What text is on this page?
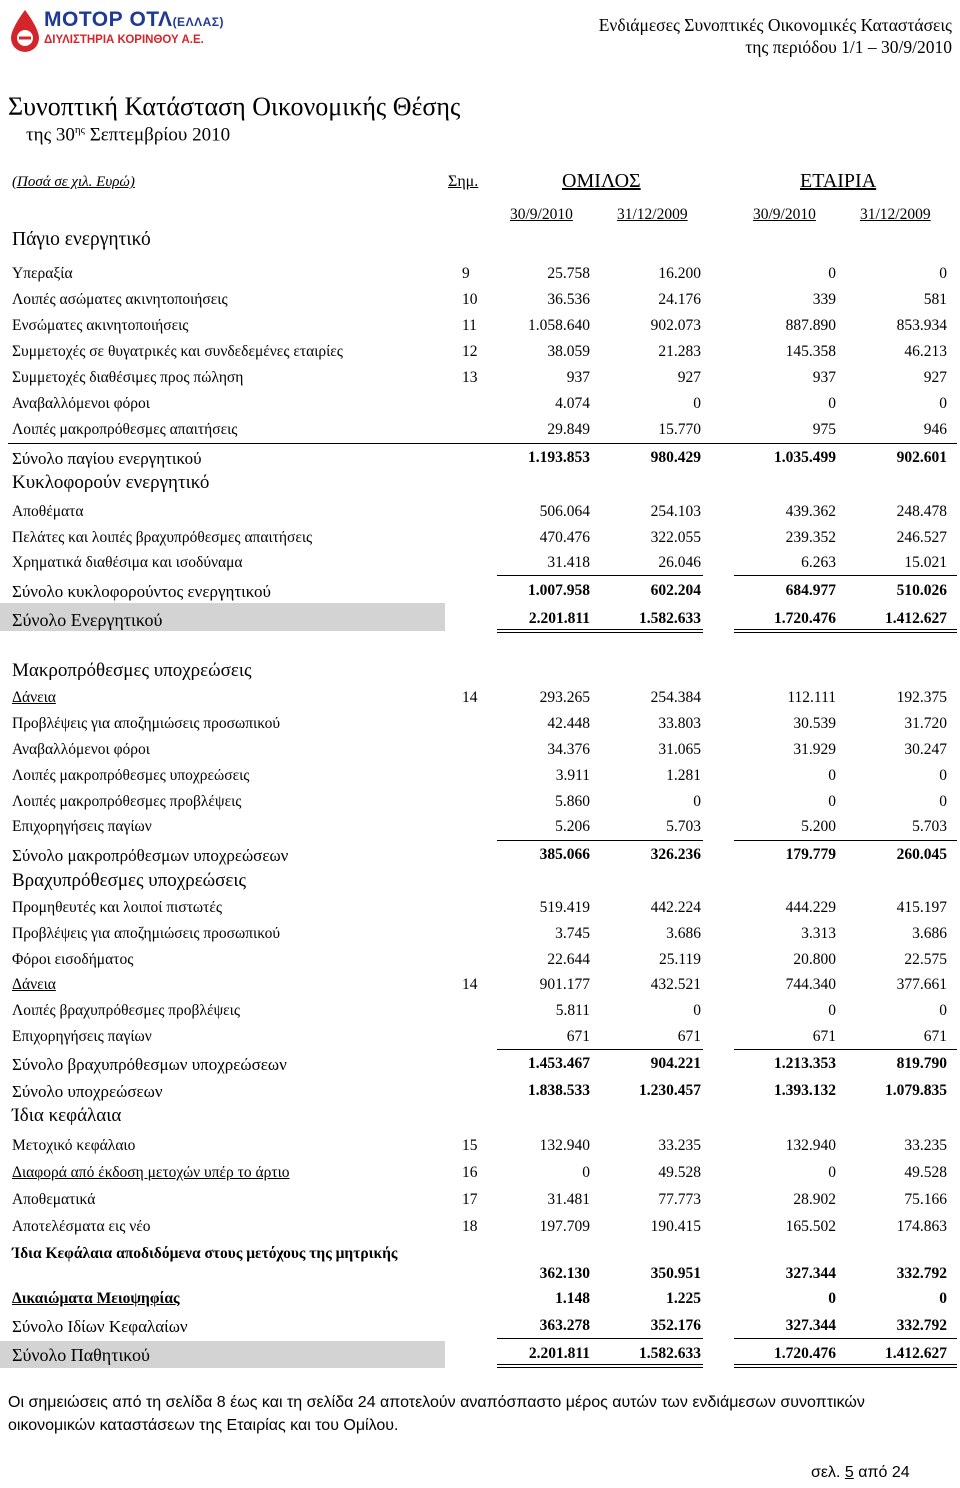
ΜΟΤΟΡ ΟΤΛ(ΕΛΛΑΣ)
ΔΙΥΛΙΣΤΗΡΙΑ ΚΟΡΙΝΘΟΥ Α.Ε.
Ενδιάμεσες Συνοπτικές Οικονομικές Καταστάσεις
της περιόδου 1/1 – 30/9/2010
Συνοπτική Κατάσταση Οικονομικής Θέσης
της $30^{\eta\varsigma}$ Σεπτεμβρίου 2010
(Ποσά σε χιλ. Ευρώ)	Σημ.	ΟΜΙΛΟΣ	ΕΤΑΙΡΙΑ
30/9/2010	31/12/2009	30/9/2010	31/12/2009
Πάγιο ενεργητικό
Υπεραξία	9	25.758	16.200	0	0
Λοιπές ασώματες ακινητοποιήσεις	10	36.536	24.176	339	581
Ενσώματες ακινητοποιήσεις	11	1.058.640	902.073	887.890	853.934
Συμμετοχές σε θυγατρικές και συνδεδεμένες εταιρίες	12	38.059	21.283	145.358	46.213
Συμμετοχές διαθέσιμες προς πώληση	13	937	927	937	927
Αναβαλλόμενοι φόροι	4.074	0	0	0
Λοιπές μακροπρόθεσμες απαιτήσεις	29.849	15.770	975	946
Σύνολο παγίου ενεργητικού	1.193.853	980.429	1.035.499	902.601
Κυκλοφορούν ενεργητικό
Αποθέματα	506.064	254.103	439.362	248.478
Πελάτες και λοιπές βραχυπρόθεσμες απαιτήσεις	470.476	322.055	239.352	246.527
Χρηματικά διαθέσιμα και ισοδύναμα	31.418	26.046	6.263	15.021
Σύνολο κυκλοφορούντος ενεργητικού	1.007.958	602.204	684.977	510.026
Σύνολο Ενεργητικού	2.201.811	1.582.633	1.720.476	1.412.627
Μακροπρόθεσμες υποχρεώσεις
Δάνεια	14	293.265	254.384	112.111	192.375
Προβλέψεις για αποζημιώσεις προσωπικού	42.448	33.803	30.539	31.720
Αναβαλλόμενοι φόροι	34.376	31.065	31.929	30.247
Λοιπές μακροπρόθεσμες υποχρεώσεις	3.911	1.281	0	0
Λοιπές μακροπρόθεσμες προβλέψεις	5.860	0	0	0
Επιχορηγήσεις παγίων	5.206	5.703	5.200	5.703
Σύνολο μακροπρόθεσμων υποχρεώσεων	385.066	326.236	179.779	260.045
Βραχυπρόθεσμες υποχρεώσεις
Προμηθευτές και λοιποί πιστωτές	519.419	442.224	444.229	415.197
Προβλέψεις για αποζημιώσεις προσωπικού	3.745	3.686	3.313	3.686
Φόροι εισοδήματος	22.644	25.119	20.800	22.575
Δάνεια	14	901.177	432.521	744.340	377.661
Λοιπές βραχυπρόθεσμες προβλέψεις	5.811	0	0	0
Επιχορηγήσεις παγίων	671	671	671	671
Σύνολο βραχυπρόθεσμων υποχρεώσεων	1.453.467	904.221	1.213.353	819.790
Σύνολο υποχρεώσεων	1.838.533	1.230.457	1.393.132	1.079.835
Ίδια κεφάλαια
Μετοχικό κεφάλαιο	15	132.940	33.235	132.940	33.235
Διαφορά από έκδοση μετοχών υπέρ το άρτιο	16	0	49.528	0	49.528
Αποθεματικά	17	31.481	77.773	28.902	75.166
Αποτελέσματα εις νέο	18	197.709	190.415	165.502	174.863
Ίδια Κεφάλαια αποδιδόμενα στους μετόχους της μητρικής
362.130	350.951	327.344	332.792
Δικαιώματα Μειοψηφίας	1.148	1.225	0	0
Σύνολο Ιδίων Κεφαλαίων	363.278	352.176	327.344	332.792
Σύνολο Παθητικού	2.201.811	1.582.633	1.720.476	1.412.627
Οι σημειώσεις από τη σελίδα 8 έως και τη σελίδα 24 αποτελούν αναπόσπαστο μέρος αυτών των ενδιάμεσων συνοπτικών οικονομικών καταστάσεων της Εταιρίας και του Ομίλου.
σελ. 5 από 24
